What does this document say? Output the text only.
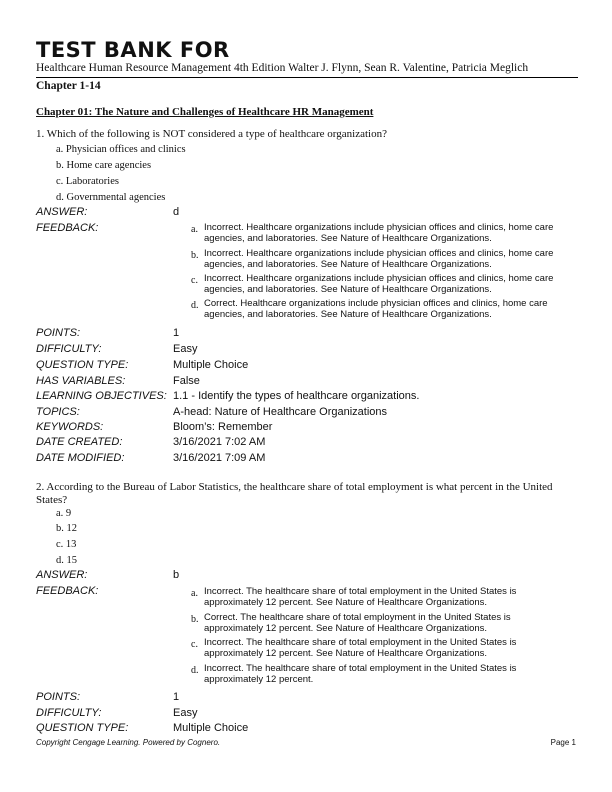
TEST BANK FOR
Healthcare Human Resource Management 4th Edition Walter J. Flynn, Sean R. Valentine, Patricia Meglich
Chapter 1-14
Chapter 01: The Nature and Challenges of Healthcare HR Management
1. Which of the following is NOT considered a type of healthcare organization?
a. Physician offices and clinics
b. Home care agencies
c. Laboratories
d. Governmental agencies
ANSWER:	d
FEEDBACK:	a. Incorrect. Healthcare organizations include physician offices and clinics, home care agencies, and laboratories. See Nature of Healthcare Organizations.
b. Incorrect. Healthcare organizations include physician offices and clinics, home care agencies, and laboratories. See Nature of Healthcare Organizations.
c. Incorrect. Healthcare organizations include physician offices and clinics, home care agencies, and laboratories. See Nature of Healthcare Organizations.
d. Correct. Healthcare organizations include physician offices and clinics, home care agencies, and laboratories. See Nature of Healthcare Organizations.
POINTS:	1
DIFFICULTY:	Easy
QUESTION TYPE:	Multiple Choice
HAS VARIABLES:	False
LEARNING OBJECTIVES: 1.1 - Identify the types of healthcare organizations.
TOPICS:	A-head: Nature of Healthcare Organizations
KEYWORDS:	Bloom’s: Remember
DATE CREATED:	3/16/2021 7:02 AM
DATE MODIFIED:	3/16/2021 7:09 AM
2. According to the Bureau of Labor Statistics, the healthcare share of total employment is what percent in the United
States?
a. 9
b. 12
c. 13
d. 15
ANSWER:	b
FEEDBACK:	a. Incorrect. The healthcare share of total employment in the United States is approximately 12 percent. See Nature of Healthcare Organizations.
b. Correct. The healthcare share of total employment in the United States is approximately 12 percent. See Nature of Healthcare Organizations.
c. Incorrect. The healthcare share of total employment in the United States is approximately 12 percent. See Nature of Healthcare Organizations.
d. Incorrect. The healthcare share of total employment in the United States is approximately 12 percent.
POINTS:	1
DIFFICULTY:	Easy
QUESTION TYPE:	Multiple Choice
Copyright Cengage Learning. Powered by Cognero.	Page 1
